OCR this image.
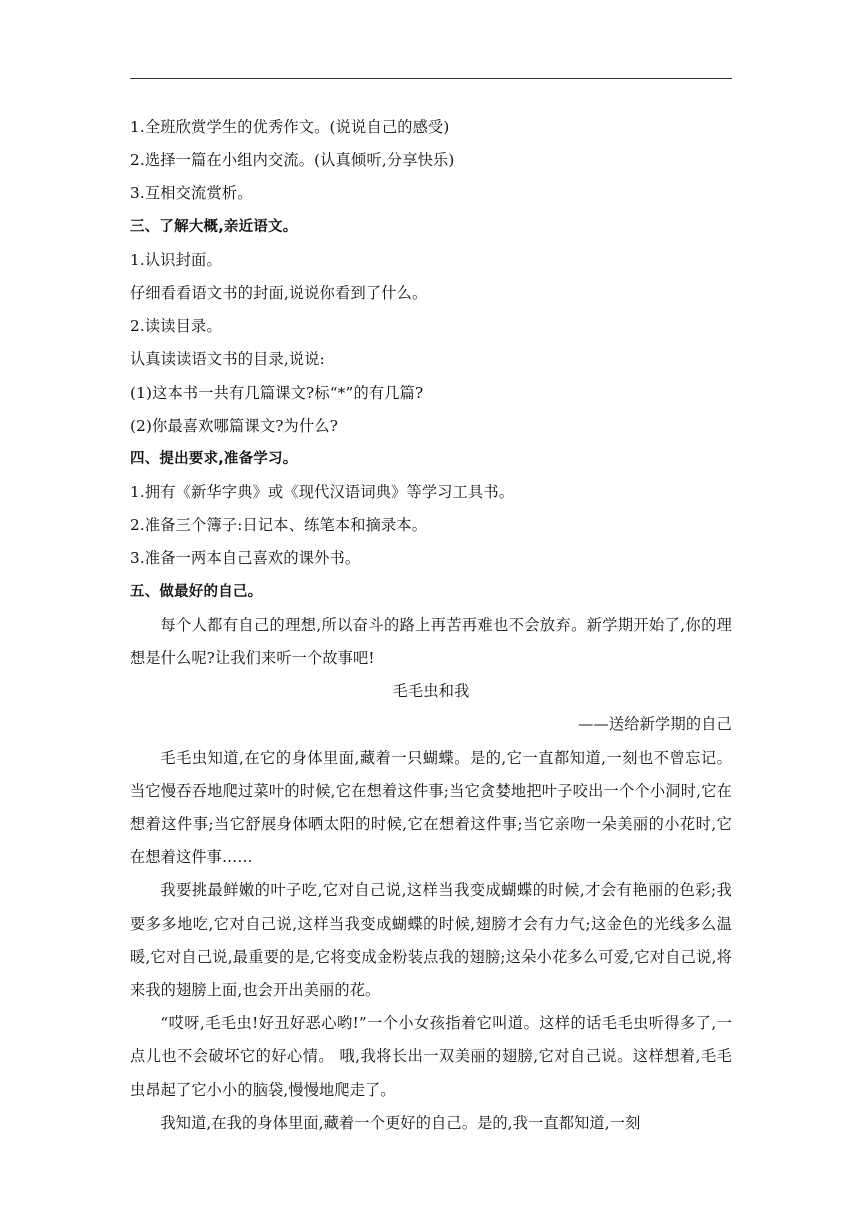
1.全班欣赏学生的优秀作文。(说说自己的感受)
2.选择一篇在小组内交流。(认真倾听,分享快乐)
3.互相交流赏析。
三、了解大概,亲近语文。
1.认识封面。
仔细看看语文书的封面,说说你看到了什么。
2.读读目录。
认真读读语文书的目录,说说:
(1)这本书一共有几篇课文?标“*”的有几篇?
(2)你最喜欢哪篇课文?为什么?
四、提出要求,准备学习。
1.拥有《新华字典》或《现代汉语词典》等学习工具书。
2.准备三个簿子:日记本、练笔本和摘录本。
3.准备一两本自己喜欢的课外书。
五、做最好的自己。
每个人都有自己的理想,所以奋斗的路上再苦再难也不会放弃。新学期开始了,你的理想是什么呢?让我们来听一个故事吧!
毛毛虫和我
——送给新学期的自己
毛毛虫知道,在它的身体里面,藏着一只蝴蝶。是的,它一直都知道,一刻也不曾忘记。当它慢吞吞地爬过菜叶的时候,它在想着这件事;当它贪婪地把叶子咬出一个个小洞时,它在想着这件事;当它舒展身体晒太阳的时候,它在想着这件事;当它亲吻一朵美丽的小花时,它在想着这件事……
我要挑最鲜嫩的叶子吃,它对自己说,这样当我变成蝴蝶的时候,才会有艳丽的色彩;我要多多地吃,它对自己说,这样当我变成蝴蝶的时候,翅膀才会有力气;这金色的光线多么温暖,它对自己说,最重要的是,它将变成金粉装点我的翅膀;这朵小花多么可爱,它对自己说,将来我的翅膀上面,也会开出美丽的花。
“哎呀,毛毛虫!好丑好恶心哟!”一个小女孩指着它叫道。这样的话毛毛虫听得多了,一点儿也不会破坏它的好心情。 哦,我将长出一双美丽的翅膀,它对自己说。这样想着,毛毛虫昂起了它小小的脑袋,慢慢地爬走了。
我知道,在我的身体里面,藏着一个更好的自己。是的,我一直都知道,一刻
